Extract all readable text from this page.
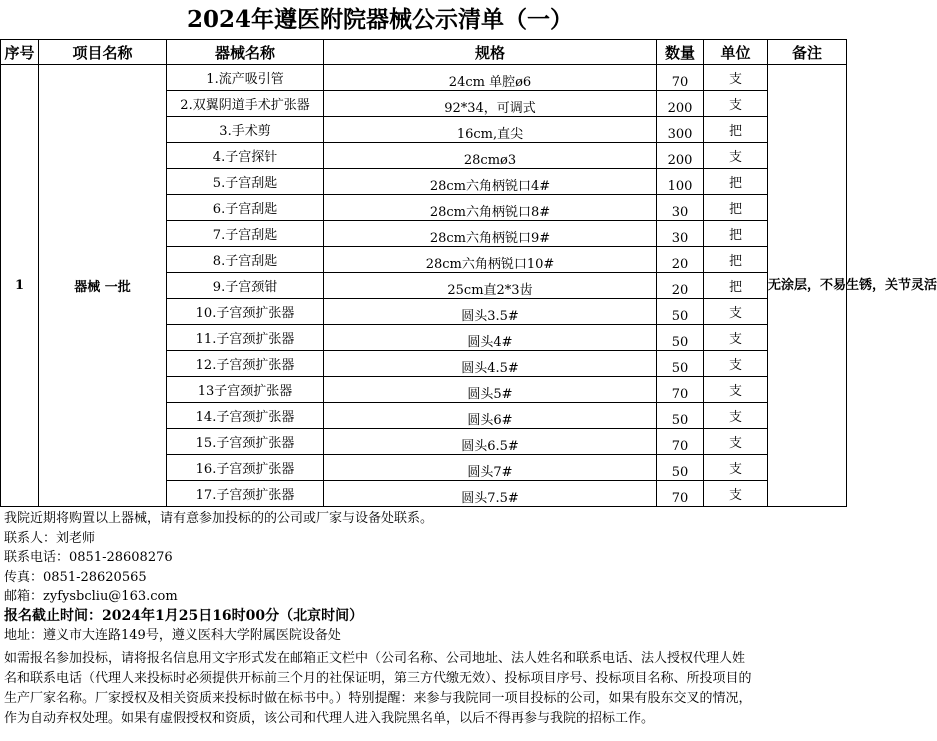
2024年遵医附院器械公示清单（一）
序号	项目名称	器械名称	规格	数量	单位	备注
1	器械 一批	1.流产吸引管	24cm 单腔ø6	70	支	无涂层，不易生锈，关节灵活
		2.双翼阴道手术扩张器	92*34，可调式	200	支	
		3.手术剪	16cm,直尖	300	把	
		4.子宫探针	28cmø3	200	支	
		5.子宫刮匙	28cm六角柄锐口4#	100	把	
		6.子宫刮匙	28cm六角柄锐口8#	30	把	
		7.子宫刮匙	28cm六角柄锐口9#	30	把	
		8.子宫刮匙	28cm六角柄锐口10#	20	把	
		9.子宫颈钳	25cm直2*3齿	20	把	
		10.子宫颈扩张器	圆头3.5#	50	支	
		11.子宫颈扩张器	圆头4#	50	支	
		12.子宫颈扩张器	圆头4.5#	50	支	
		13子宫颈扩张器	圆头5#	70	支	
		14.子宫颈扩张器	圆头6#	50	支	
		15.子宫颈扩张器	圆头6.5#	70	支	
		16.子宫颈扩张器	圆头7#	50	支	
		17.子宫颈扩张器	圆头7.5#	70	支	
我院近期将购置以上器械，请有意参加投标的的公司或厂家与设备处联系。
联系人：刘老师
联系电话：0851-28608276
传真：0851-28620565
邮箱：zyfysbcliu@163.com
报名截止时间：2024年1月25日16时00分（北京时间）
地址：遵义市大连路149号，遵义医科大学附属医院设备处
如需报名参加投标，请将报名信息用文字形式发在邮箱正文栏中（公司名称、公司地址、法人姓名和联系电话、法人授权代理人姓名和联系电话（代理人来投标时必须提供开标前三个月的社保证明，第三方代缴无效）、投标项目序号、投标项目名称、所投项目的生产厂家名称。厂家授权及相关资质来投标时做在标书中。）特别提醒：来参与我院同一项目投标的公司，如果有股东交叉的情况，作为自动弃权处理。如果有虚假授权和资质，该公司和代理人进入我院黑名单，以后不得再参与我院的招标工作。
